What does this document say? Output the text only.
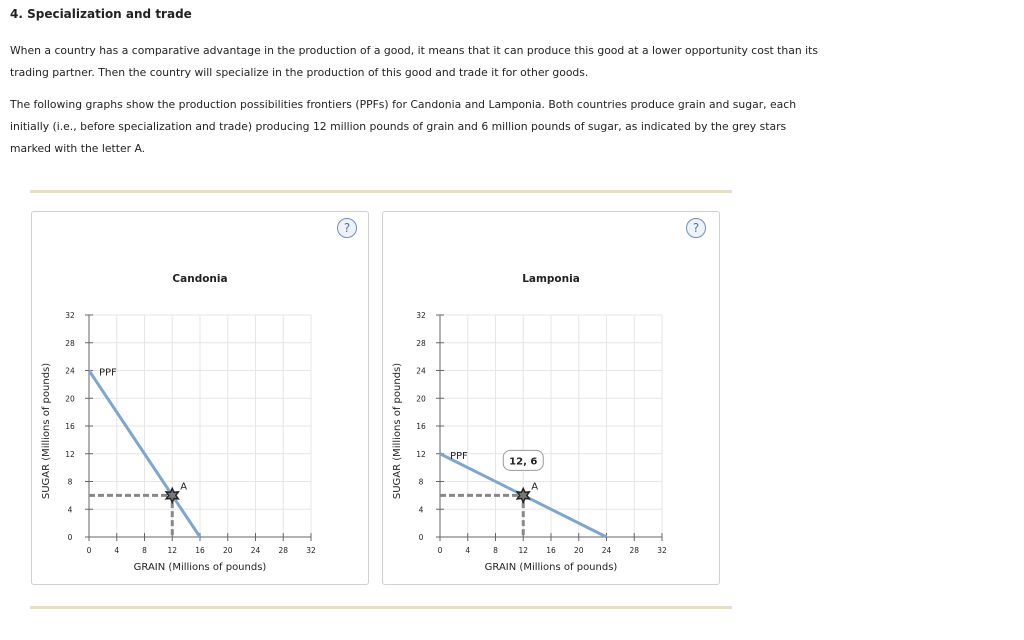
4. Specialization and trade
When a country has a comparative advantage in the production of a good, it means that it can produce this good at a lower opportunity cost than its
trading partner. Then the country will specialize in the production of this good and trade it for other goods.
The following graphs show the production possibilities frontiers (PPFs) for Candonia and Lamponia. Both countries produce grain and sugar, each
initially (i.e., before specialization and trade) producing 12 million pounds of grain and 6 million pounds of sugar, as indicated by the grey stars
marked with the letter A.
?
0	4	8	12 16 20 24 28 32
0
4
8
12
16
20
24
28
32
Candonia
GRAIN (Millions of pounds)
SUGAR (Millions of pounds)	PPF
A
?
0	4	8	12 16 20 24 28 32
0
4
8
12
16
20
24
28
32
Lamponia
GRAIN (Millions of pounds)
SUGAR (Millions of pounds)	PPF
A
12, 6
